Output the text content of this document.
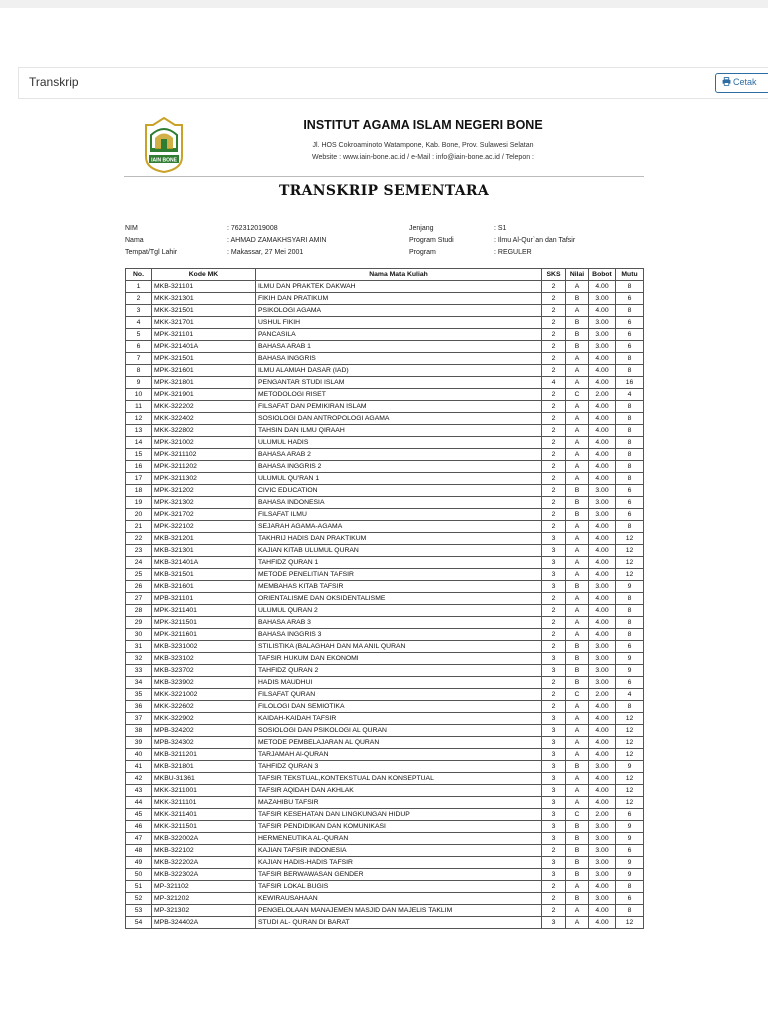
Transkrip	Cetak
IAIN BONE
INSTITUT AGAMA ISLAM NEGERI BONE
Jl. HOS Cokroaminoto Watampone, Kab. Bone, Prov. Sulawesi Selatan
Website : www.iain-bone.ac.id / e-Mail : info@iain-bone.ac.id / Telepon :
TRANSKRIP SEMENTARA
NIM	: 762312019008
Nama	: AHMAD ZAMAKHSYARI AMIN
Tempat/Tgl Lahir	: Makassar, 27 Mei 2001
Jenjang	: S1
Program Studi	: Ilmu Al-Qur`an dan Tafsir
Program	: REGULER
No.	Kode MK	Nama Mata Kuliah	SKS	Nilai	Bobot	Mutu
1	MKB-321101	ILMU DAN PRAKTEK DAKWAH	2	A	4.00	8
2	MKK-321301	FIKIH DAN PRATIKUM	2	B	3.00	6
3	MKK-321501	PSIKOLOGI AGAMA	2	A	4.00	8
4	MKK-321701	USHUL FIKIH	2	B	3.00	6
5	MPK-321101	PANCASILA	2	B	3.00	6
6	MPK-321401A	BAHASA ARAB 1	2	B	3.00	6
7	MPK-321501	BAHASA INGGRIS	2	A	4.00	8
8	MPK-321601	ILMU ALAMIAH DASAR (IAD)	2	A	4.00	8
9	MPK-321801	PENGANTAR STUDI ISLAM	4	A	4.00	16
10	MPK-321901	METODOLOGI RISET	2	C	2.00	4
11	MKK-322202	FILSAFAT DAN PEMIKIRAN ISLAM	2	A	4.00	8
12	MKK-322402	SOSIOLOGI DAN ANTROPOLOGI AGAMA	2	A	4.00	8
13	MKK-322802	TAHSIN DAN ILMU QIRAAH	2	A	4.00	8
14	MPK-321002	ULUMUL HADIS	2	A	4.00	8
15	MPK-3211102	BAHASA ARAB 2	2	A	4.00	8
16	MPK-3211202	BAHASA INGGRIS 2	2	A	4.00	8
17	MPK-3211302	ULUMUL QU'RAN 1	2	A	4.00	8
18	MPK-321202	CIVIC EDUCATION	2	B	3.00	6
19	MPK-321302	BAHASA INDONESIA	2	B	3.00	6
20	MPK-321702	FILSAFAT ILMU	2	B	3.00	6
21	MPK-322102	SEJARAH AGAMA-AGAMA	2	A	4.00	8
22	MKB-321201	TAKHRIJ HADIS DAN PRAKTIKUM	3	A	4.00	12
23	MKB-321301	KAJIAN KITAB ULUMUL QURAN	3	A	4.00	12
24	MKB-321401A	TAHFIDZ QURAN 1	3	A	4.00	12
25	MKB-321501	METODE PENELITIAN TAFSIR	3	A	4.00	12
26	MKB-321601	MEMBAHAS KITAB TAFSIR	3	B	3.00	9
27	MPB-321101	ORIENTALISME DAN OKSIDENTALISME	2	A	4.00	8
28	MPK-3211401	ULUMUL QURAN 2	2	A	4.00	8
29	MPK-3211501	BAHASA ARAB 3	2	A	4.00	8
30	MPK-3211601	BAHASA INGGRIS 3	2	A	4.00	8
31	MKB-3231002	STILISTIKA (BALAGHAH DAN MA ANIL QURAN	2	B	3.00	6
32	MKB-323102	TAFSIR HUKUM DAN EKONOMI	3	B	3.00	9
33	MKB-323702	TAHFIDZ QURAN 2	3	B	3.00	9
34	MKB-323902	HADIS MAUDHUI	2	B	3.00	6
35	MKK-3221002	FILSAFAT QURAN	2	C	2.00	4
36	MKK-322602	FILOLOGI DAN SEMIOTIKA	2	A	4.00	8
37	MKK-322902	KAIDAH-KAIDAH TAFSIR	3	A	4.00	12
38	MPB-324202	SOSIOLOGI DAN PSIKOLOGI AL QURAN	3	A	4.00	12
39	MPB-324302	METODE PEMBELAJARAN AL QURAN	3	A	4.00	12
40	MKB-3211201	TARJAMAH Al-QURAN	3	A	4.00	12
41	MKB-321801	TAHFIDZ QURAN 3	3	B	3.00	9
42	MKBU-31361	TAFSIR TEKSTUAL,KONTEKSTUAL DAN KONSEPTUAL	3	A	4.00	12
43	MKK-3211001	TAFSIR AQIDAH DAN AKHLAK	3	A	4.00	12
44	MKK-3211101	MAZAHIBU TAFSIR	3	A	4.00	12
45	MKK-3211401	TAFSIR KESEHATAN DAN LINGKUNGAN HIDUP	3	C	2.00	6
46	MKK-3211501	TAFSIR PENDIDIKAN DAN KOMUNIKASI	3	B	3.00	9
47	MKB-322002A	HERMENEUTIKA AL-QURAN	3	B	3.00	9
48	MKB-322102	KAJIAN TAFSIR INDONESIA	2	B	3.00	6
49	MKB-322202A	KAJIAN HADIS-HADIS TAFSIR	3	B	3.00	9
50	MKB-322302A	TAFSIR BERWAWASAN GENDER	3	B	3.00	9
51	MP-321102	TAFSIR LOKAL BUGIS	2	A	4.00	8
52	MP-321202	KEWIRAUSAHAAN	2	B	3.00	6
53	MP-321302	PENGELOLAAN MANAJEMEN MASJID DAN MAJELIS TAKLIM	2	A	4.00	8
54	MPB-324402A	STUDI AL- QURAN DI BARAT	3	A	4.00	12
